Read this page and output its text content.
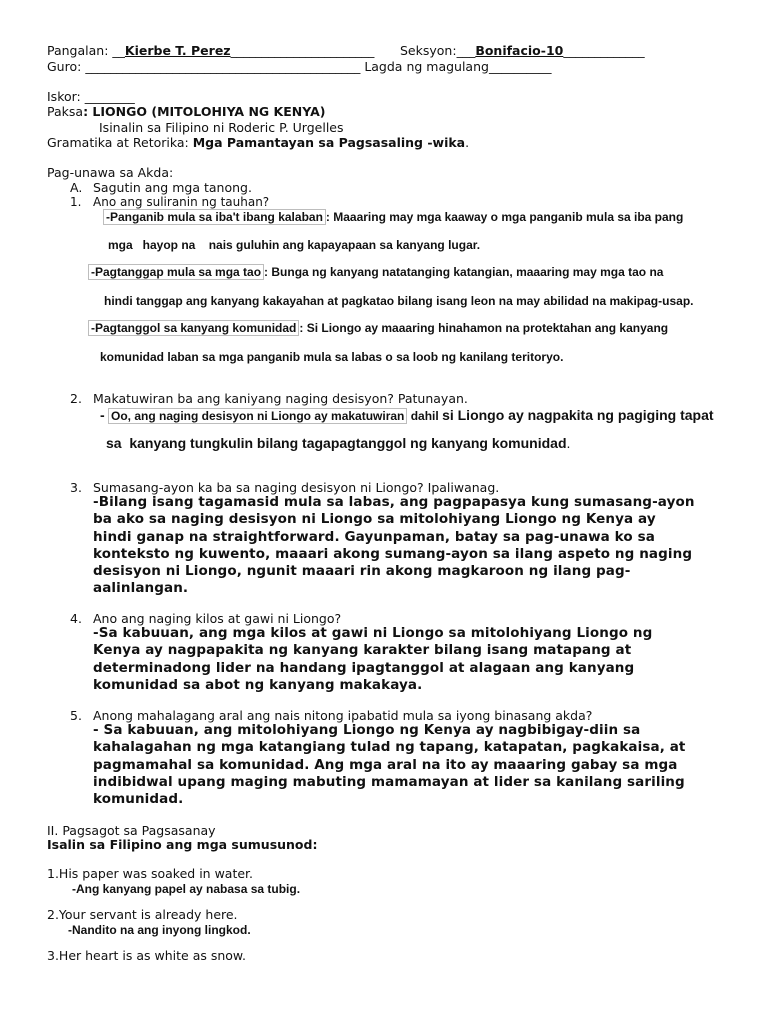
Pangalan: __Kierbe T. Perez_______________________ Seksyon:___Bonifacio-10_____________
Guro: ____________________________________________ Lagda ng magulang__________
Iskor: ________
Paksa: LIONGO (MITOLOHIYA NG KENYA)
Isinalin sa Filipino ni Roderic P. Urgelles
Gramatika at Retorika: Mga Pamantayan sa Pagsasaling -wika.
Pag-unawa sa Akda:
A. Sagutin ang mga tanong.
1. Ano ang suliranin ng tauhan?
-Panganib mula sa iba't ibang kalaban : Maaaring may mga kaaway o mga panganib mula sa iba pang
mga   hayop na    nais guluhin ang kapayapaan sa kanyang lugar.
-Pagtanggap mula sa mga tao : Bunga ng kanyang natatanging katangian, maaaring may mga tao na
hindi tanggap ang kanyang kakayahan at pagkatao bilang isang leon na may abilidad na makipag-usap.
-Pagtanggol sa kanyang komunidad : Si Liongo ay maaaring hinahamon na protektahan ang kanyang
komunidad laban sa mga panganib mula sa labas o sa loob ng kanilang teritoryo.
2. Makatuwiran ba ang kaniyang naging desisyon? Patunayan.
- Oo, ang naging desisyon ni Liongo ay makatuwiran dahil si Liongo ay nagpakita ng pagiging tapat
sa  kanyang tungkulin bilang tagapagtanggol ng kanyang komunidad.
3. Sumasang-ayon ka ba sa naging desisyon ni Liongo? Ipaliwanag.
-Bilang isang tagamasid mula sa labas, ang pagpapasya kung sumasang-ayon
ba ako sa naging desisyon ni Liongo sa mitolohiyang Liongo ng Kenya ay
hindi ganap na straightforward. Gayunpaman, batay sa pag-unawa ko sa
konteksto ng kuwento, maaari akong sumang-ayon sa ilang aspeto ng naging
desisyon ni Liongo, ngunit maaari rin akong magkaroon ng ilang pag-
aalinlangan.
4. Ano ang naging kilos at gawi ni Liongo?
-Sa kabuuan, ang mga kilos at gawi ni Liongo sa mitolohiyang Liongo ng
Kenya ay nagpapakita ng kanyang karakter bilang isang matapang at
determinadong lider na handang ipagtanggol at alagaan ang kanyang
komunidad sa abot ng kanyang makakaya.
5. Anong mahalagang aral ang nais nitong ipabatid mula sa iyong binasang akda?
- Sa kabuuan, ang mitolohiyang Liongo ng Kenya ay nagbibigay-diin sa
kahalagahan ng mga katangiang tulad ng tapang, katapatan, pagkakaisa, at
pagmamahal sa komunidad. Ang mga aral na ito ay maaaring gabay sa mga
indibidwal upang maging mabuting mamamayan at lider sa kanilang sariling
komunidad.
II. Pagsagot sa Pagsasanay
Isalin sa Filipino ang mga sumusunod:
1.His paper was soaked in water.
-Ang kanyang papel ay nabasa sa tubig.
2.Your servant is already here.
-Nandito na ang inyong lingkod.
3.Her heart is as white as snow.
